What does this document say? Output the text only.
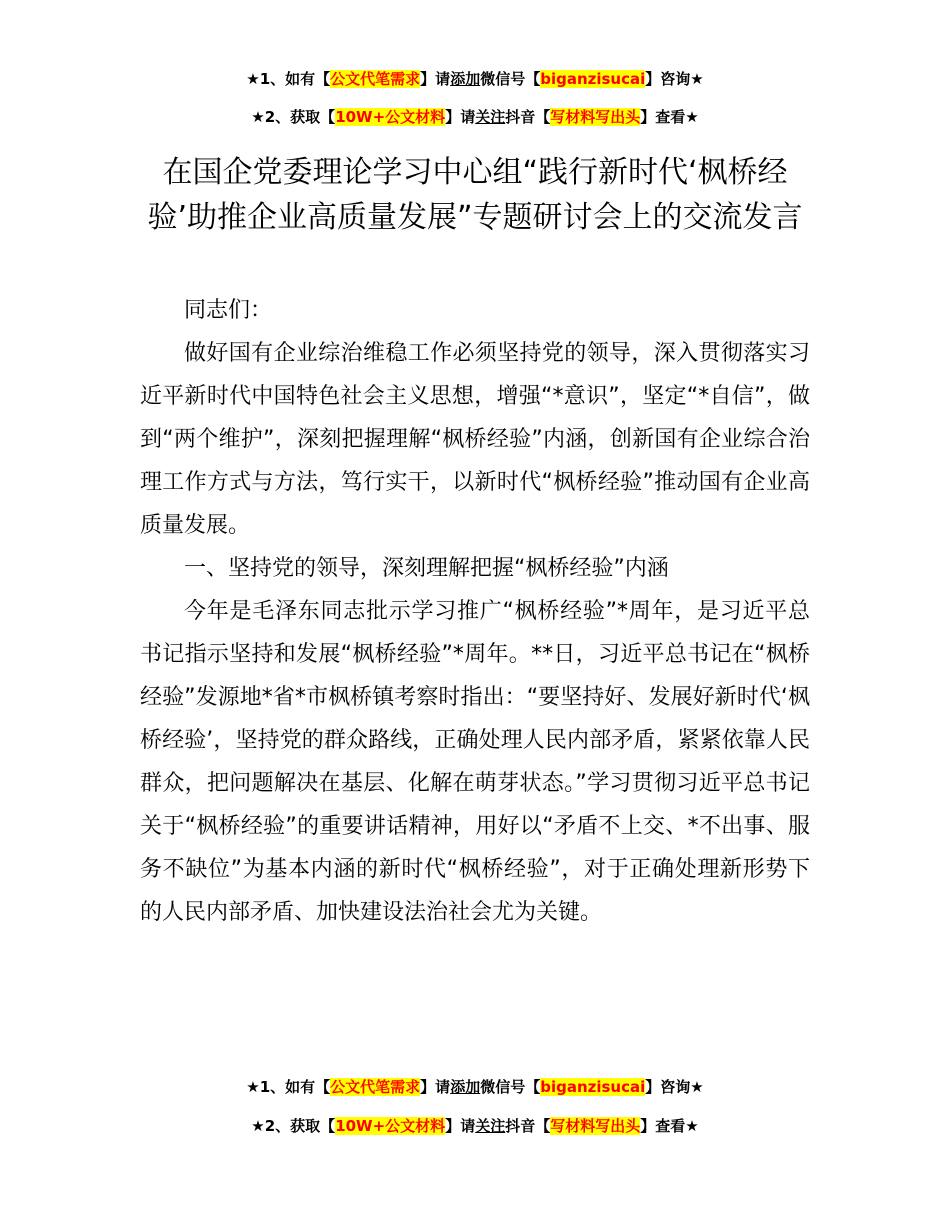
★1、如有【公文代笔需求】请添加微信号【biganzisucai】咨询★
★2、获取【10W+公文材料】请关注抖音【写材料写出头】查看★
在国企党委理论学习中心组“践行新时代‘枫桥经验’助推企业高质量发展”专题研讨会上的交流发言

同志们：

做好国有企业综治维稳工作必须坚持党的领导，深入贯彻落实习近平新时代中国特色社会主义思想，增强“*意识”，坚定“*自信”，做到“两个维护”，深刻把握理解“枫桥经验”内涵，创新国有企业综合治理工作方式与方法，笃行实干，以新时代“枫桥经验”推动国有企业高质量发展。

一、坚持党的领导，深刻理解把握“枫桥经验”内涵

今年是毛泽东同志批示学习推广“枫桥经验”*周年，是习近平总书记指示坚持和发展“枫桥经验”*周年。**日，习近平总书记在“枫桥经验”发源地*省*市枫桥镇考察时指出：“要坚持好、发展好新时代‘枫桥经验’，坚持党的群众路线，正确处理人民内部矛盾，紧紧依靠人民群众，把问题解决在基层、化解在萌芽状态。”学习贯彻习近平总书记关于“枫桥经验”的重要讲话精神，用好以“矛盾不上交、*不出事、服务不缺位”为基本内涵的新时代“枫桥经验”，对于正确处理新形势下的人民内部矛盾、加快建设法治社会尤为关键。

★1、如有【公文代笔需求】请添加微信号【biganzisucai】咨询★
★2、获取【10W+公文材料】请关注抖音【写材料写出头】查看★
